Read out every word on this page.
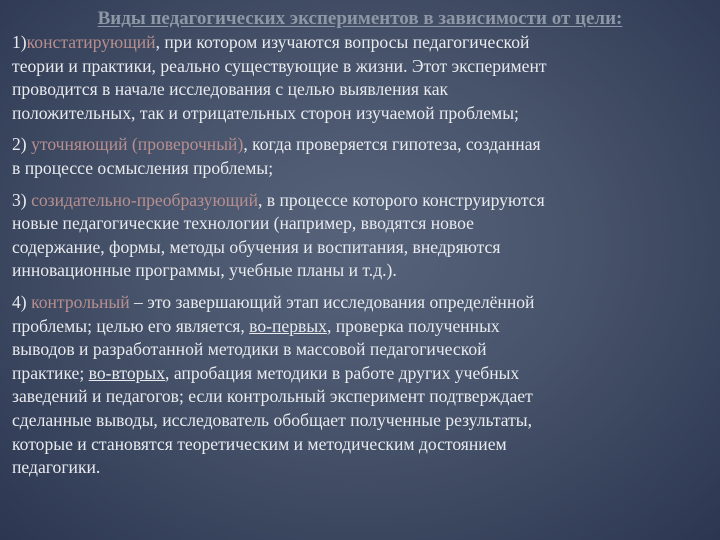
Виды педагогических экспериментов в зависимости от цели:
1)констатирующий, при котором изучаются вопросы педагогической
теории и практики, реально существующие в жизни. Этот эксперимент
проводится в начале исследования с целью выявления как
положительных, так и отрицательных сторон изучаемой проблемы;
2) уточняющий (проверочный), когда проверяется гипотеза, созданная
в процессе осмысления проблемы;
3) созидательно-преобразующий, в процессе которого конструируются
новые педагогические технологии (например, вводятся новое
содержание, формы, методы обучения и воспитания, внедряются
инновационные программы, учебные планы и т.д.).
4) контрольный – это завершающий этап исследования определённой
проблемы; целью его является, во-первых, проверка полученных
выводов и разработанной методики в массовой педагогической
практике; во-вторых, апробация методики в работе других учебных
заведений и педагогов; если контрольный эксперимент подтверждает
сделанные выводы, исследователь обобщает полученные результаты,
которые и становятся теоретическим и методическим достоянием
педагогики.
